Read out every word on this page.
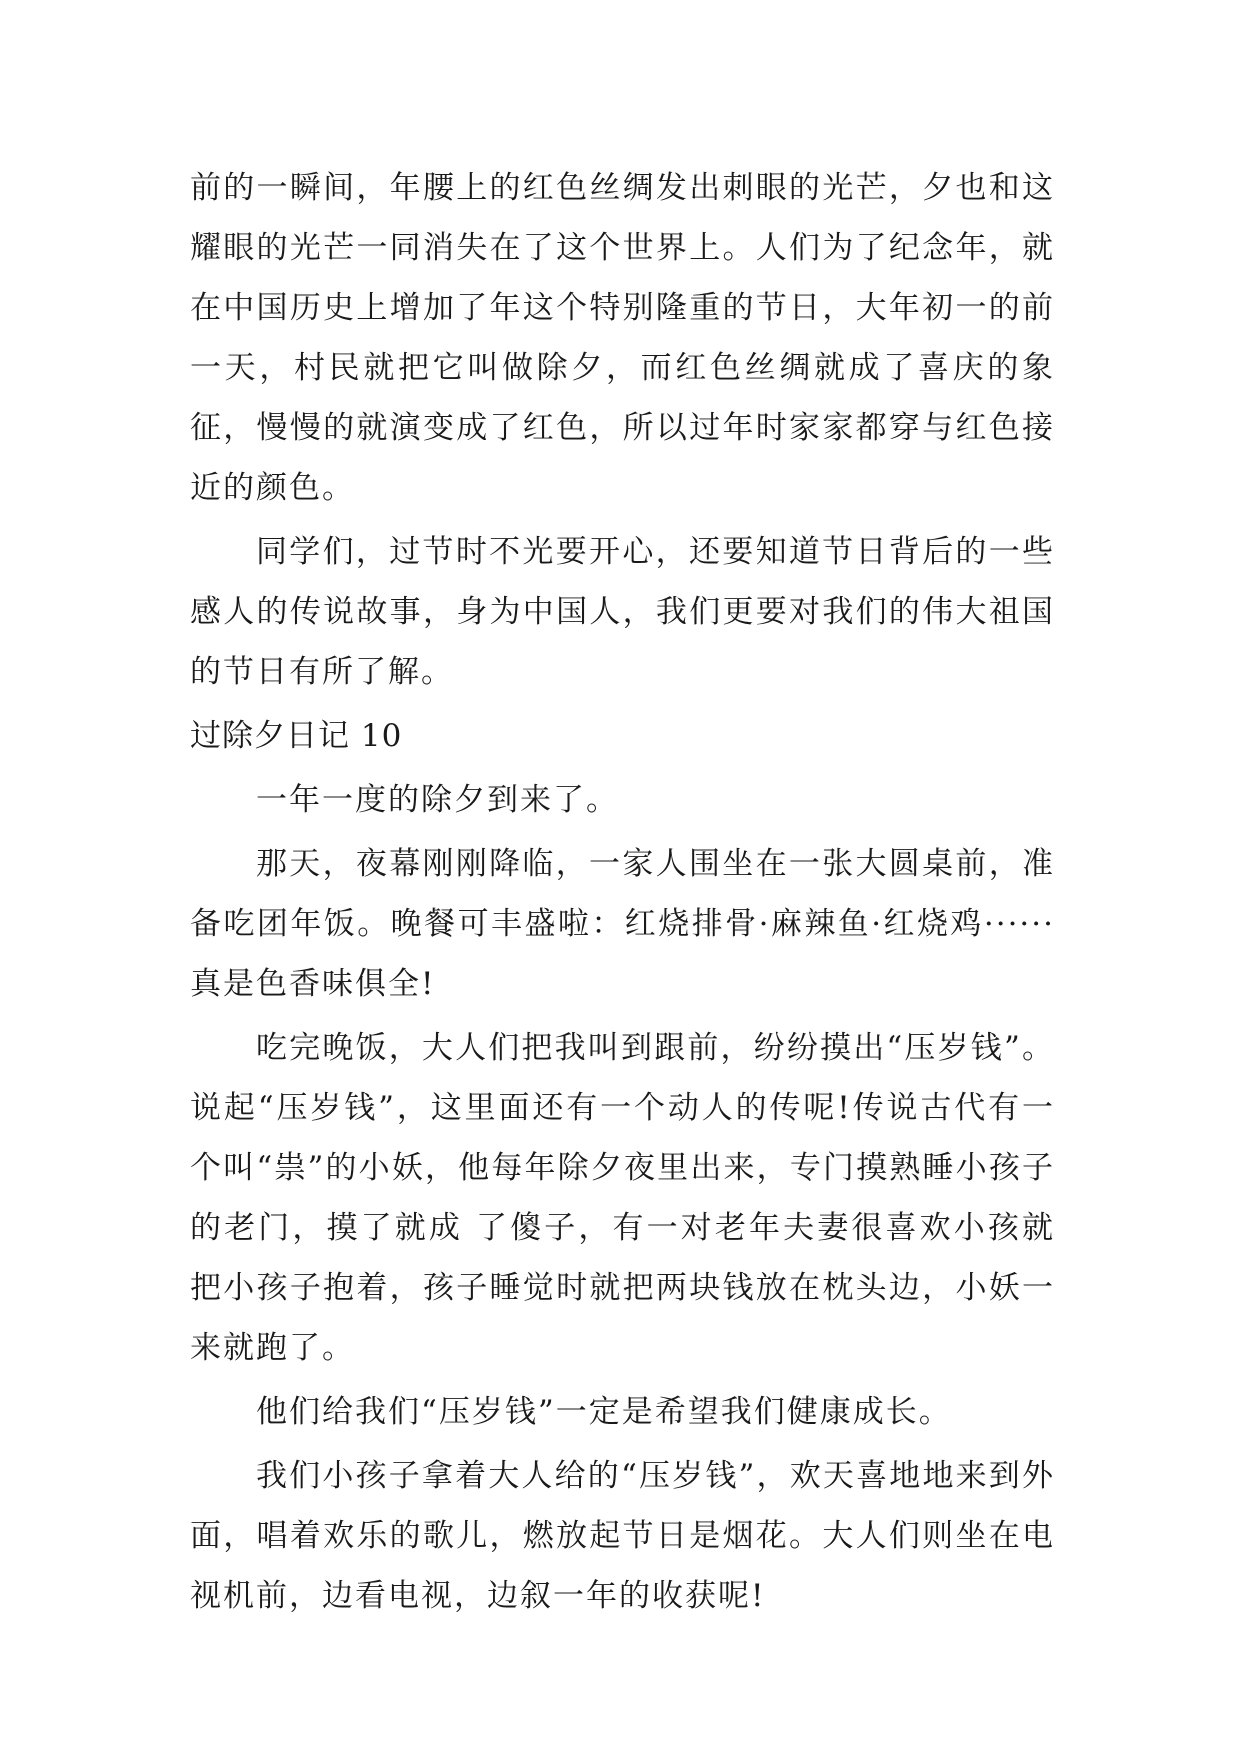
前的一瞬间，年腰上的红色丝绸发出刺眼的光芒，夕也和这耀眼的光芒一同消失在了这个世界上。人们为了纪念年，就在中国历史上增加了年这个特别隆重的节日，大年初一的前一天，村民就把它叫做除夕，而红色丝绸就成了喜庆的象征，慢慢的就演变成了红色，所以过年时家家都穿与红色接近的颜色。

同学们，过节时不光要开心，还要知道节日背后的一些感人的传说故事，身为中国人，我们更要对我们的伟大祖国的节日有所了解。

过除夕日记 10

一年一度的除夕到来了。

那天，夜幕刚刚降临，一家人围坐在一张大圆桌前，准备吃团年饭。晚餐可丰盛啦：红烧排骨·麻辣鱼·红烧鸡······真是色香味俱全!

吃完晚饭，大人们把我叫到跟前，纷纷摸出“压岁钱”。说起“压岁钱”，这里面还有一个动人的传呢!传说古代有一个叫“祟”的小妖，他每年除夕夜里出来，专门摸熟睡小孩子的老门，摸了就成 了傻子，有一对老年夫妻很喜欢小孩就把小孩子抱着，孩子睡觉时就把两块钱放在枕头边，小妖一来就跑了。

他们给我们“压岁钱”一定是希望我们健康成长。

我们小孩子拿着大人给的“压岁钱”，欢天喜地地来到外面，唱着欢乐的歌儿，燃放起节日是烟花。大人们则坐在电视机前，边看电视，边叙一年的收获呢!
